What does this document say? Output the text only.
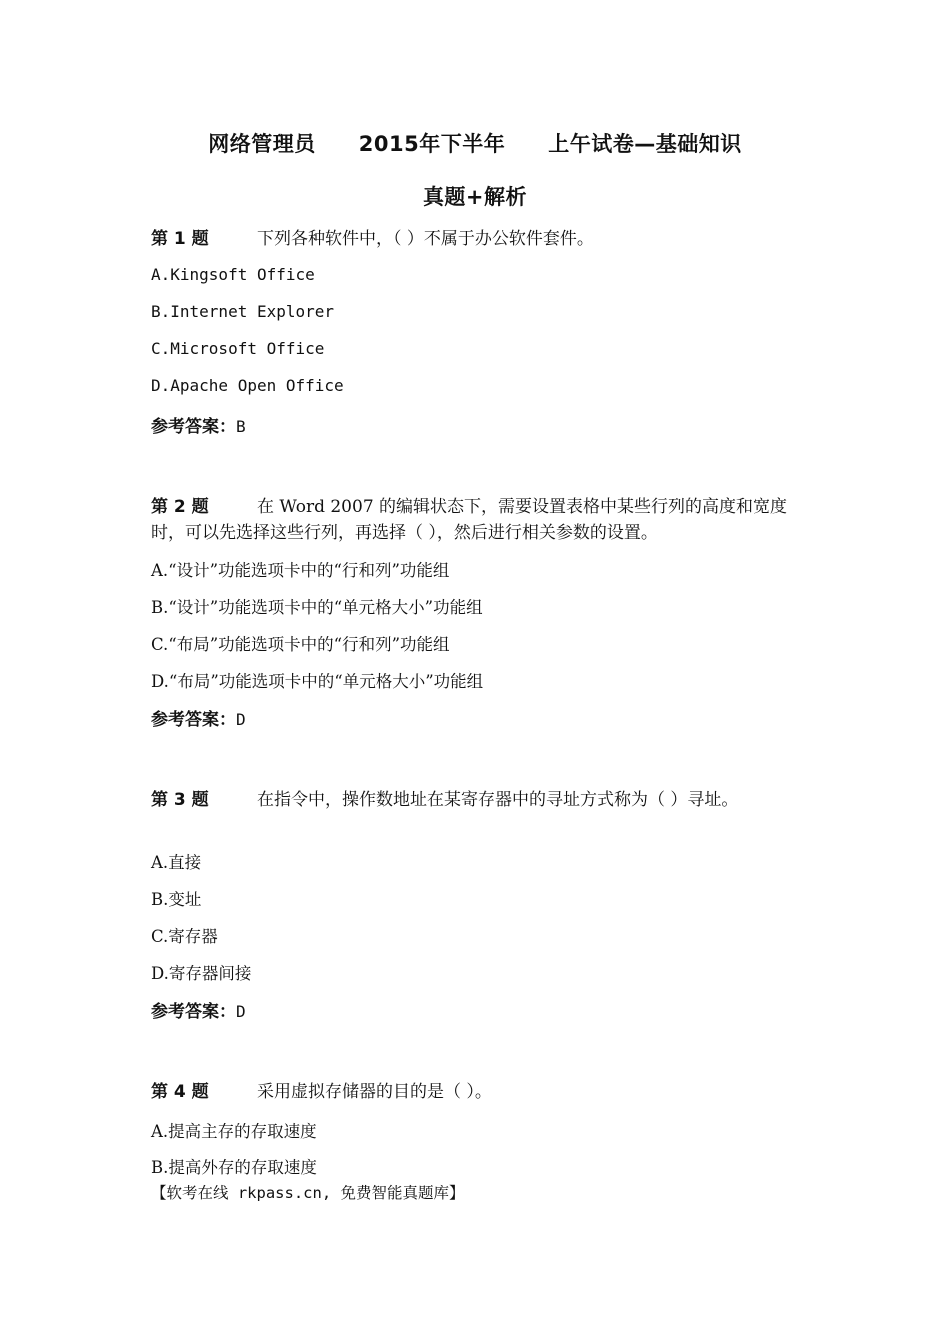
网络管理员　　2015年下半年　　上午试卷—基础知识
真题+解析
第 1 题	下列各种软件中，（ ）不属于办公软件套件。
A.Kingsoft Office
B.Internet Explorer
C.Microsoft Office
D.Apache Open Office
参考答案：B
第 2 题	在 Word 2007 的编辑状态下，需要设置表格中某些行列的高度和宽度时，可以先选择这些行列，再选择（ ），然后进行相关参数的设置。
A.“设计”功能选项卡中的“行和列”功能组
B.“设计”功能选项卡中的“单元格大小”功能组
C.“布局”功能选项卡中的“行和列”功能组
D.“布局”功能选项卡中的“单元格大小”功能组
参考答案：D
第 3 题	在指令中，操作数地址在某寄存器中的寻址方式称为（ ）寻址。
A.直接
B.变址
C.寄存器
D.寄存器间接
参考答案：D
第 4 题	采用虚拟存储器的目的是（ ）。
A.提高主存的存取速度
B.提高外存的存取速度
【软考在线 rkpass.cn, 免费智能真题库】
